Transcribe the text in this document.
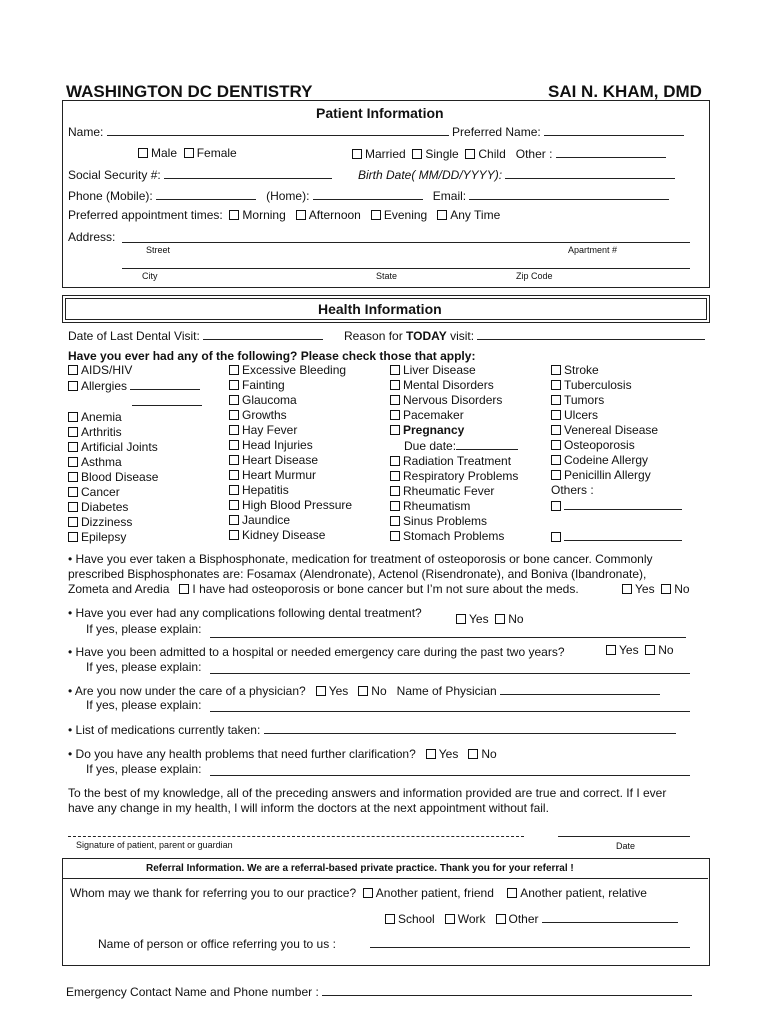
WASHINGTON DC DENTISTRY	SAI N. KHAM, DMD
Patient Information
Name:	Preferred Name:
Male Female	Married Single Child Other :
Social Security #:	Birth Date( MM/DD/YYYY):
Phone (Mobile):	(Home):	Email:
Preferred appointment times: Morning Afternoon Evening Any Time
Address:
Street	Apartment #
City	State	Zip Code
Health Information
Date of Last Dental Visit:	Reason for TODAY visit:
Have you ever had any of the following? Please check those that apply:
AIDS/HIV
Allergies
Anemia
Arthritis
Artificial Joints
Asthma
Blood Disease
Cancer
Diabetes
Dizziness
Epilepsy
Excessive Bleeding
Fainting
Glaucoma
Growths
Hay Fever
Head Injuries
Heart Disease
Heart Murmur
Hepatitis
High Blood Pressure
Jaundice
Kidney Disease
Liver Disease
Mental Disorders
Nervous Disorders
Pacemaker
Pregnancy
Due date:
Radiation Treatment
Respiratory Problems
Rheumatic Fever
Rheumatism
Sinus Problems
Stomach Problems
Stroke
Tuberculosis
Tumors
Ulcers
Venereal Disease
Osteoporosis
Codeine Allergy
Penicillin Allergy
Others :

• Have you ever taken a Bisphosphonate, medication for treatment of osteoporosis or bone cancer. Commonly
prescribed Bisphosphonates are: Fosamax (Alendronate), Actenol (Risendronate), and Boniva (Ibandronate),
Zometa and Aredia I have had osteoporosis or bone cancer but I’m not sure about the meds.	Yes No
• Have you ever had any complications following dental treatment?	Yes No
If yes, please explain:
• Have you been admitted to a hospital or needed emergency care during the past two years?	Yes No
If yes, please explain:
• Are you now under the care of a physician? Yes No Name of Physician
If yes, please explain:
• List of medications currently taken:
• Do you have any health problems that need further clarification? Yes No
If yes, please explain:
To the best of my knowledge, all of the preceding answers and information provided are true and correct. If I ever
have any change in my health, I will inform the doctors at the next appointment without fail.
Signature of patient, parent or guardian	Date
Referral Information. We are a referral-based private practice. Thank you for your referral !
Whom may we thank for referring you to our practice? Another patient, friend Another patient, relative
School Work Other
Name of person or office referring you to us :
Emergency Contact Name and Phone number :
